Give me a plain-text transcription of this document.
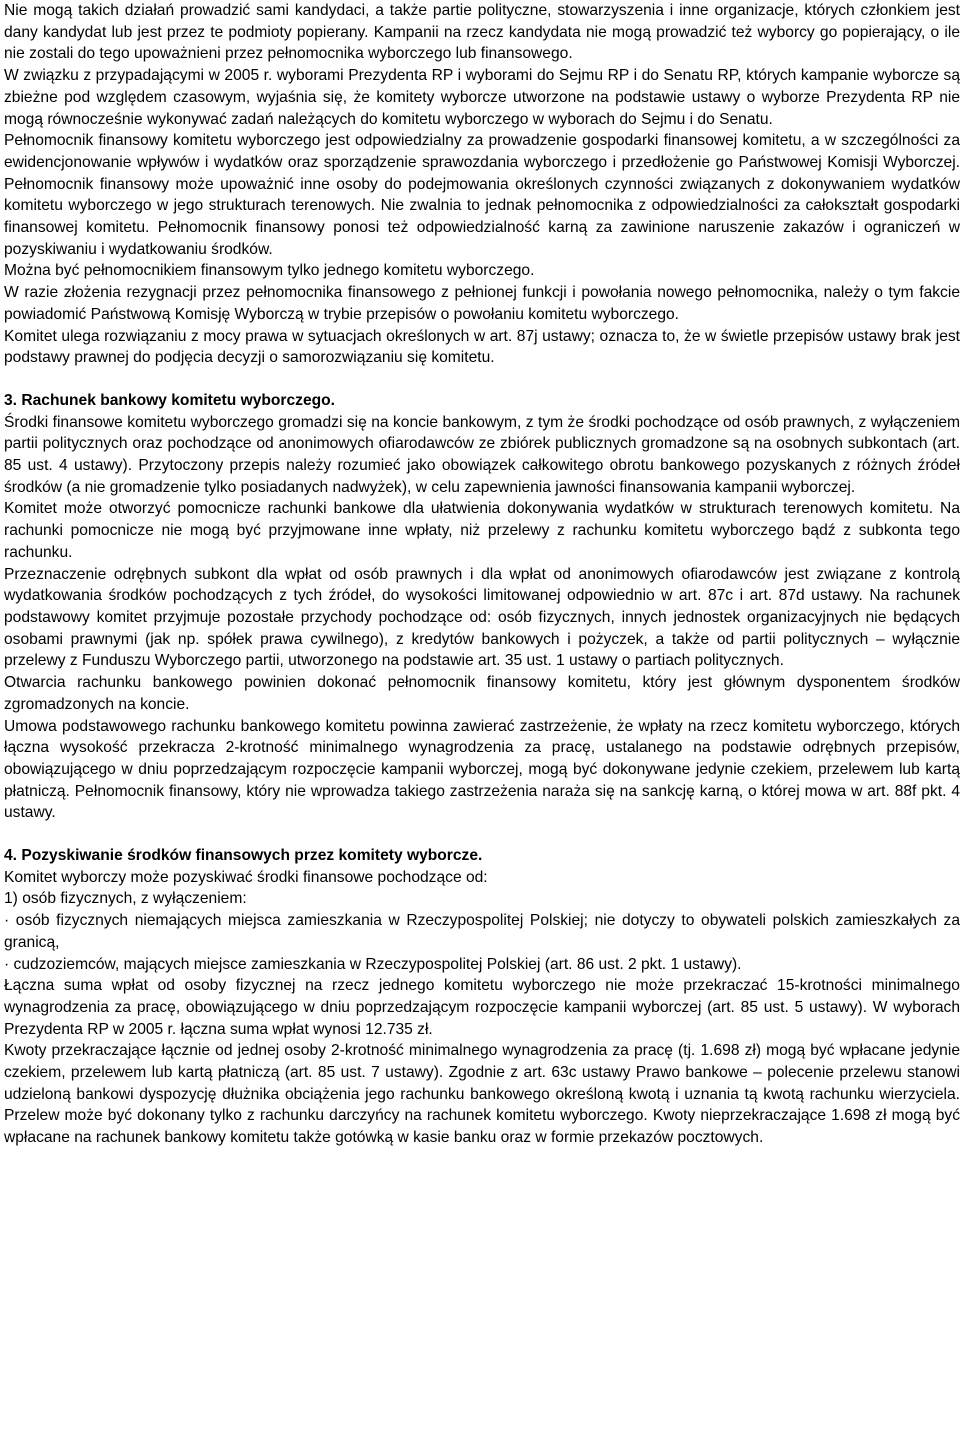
Nie mogą takich działań prowadzić sami kandydaci, a także partie polityczne, stowarzyszenia i inne organizacje, których członkiem jest dany kandydat lub jest przez te podmioty popierany. Kampanii na rzecz kandydata nie mogą prowadzić też wyborcy go popierający, o ile nie zostali do tego upoważnieni przez pełnomocnika wyborczego lub finansowego.

W związku z przypadającymi w 2005 r. wyborami Prezydenta RP i wyborami do Sejmu RP i do Senatu RP, których kampanie wyborcze są zbieżne pod względem czasowym, wyjaśnia się, że komitety wyborcze utworzone na podstawie ustawy o wyborze Prezydenta RP nie mogą równocześnie wykonywać zadań należących do komitetu wyborczego w wyborach do Sejmu i do Senatu.

Pełnomocnik finansowy komitetu wyborczego jest odpowiedzialny za prowadzenie gospodarki finansowej komitetu, a w szczególności za ewidencjonowanie wpływów i wydatków oraz sporządzenie sprawozdania wyborczego i przedłożenie go Państwowej Komisji Wyborczej. Pełnomocnik finansowy może upoważnić inne osoby do podejmowania określonych czynności związanych z dokonywaniem wydatków komitetu wyborczego w jego strukturach terenowych. Nie zwalnia to jednak pełnomocnika z odpowiedzialności za całokształt gospodarki finansowej komitetu. Pełnomocnik finansowy ponosi też odpowiedzialność karną za zawinione naruszenie zakazów i ograniczeń w pozyskiwaniu i wydatkowaniu środków.

Można być pełnomocnikiem finansowym tylko jednego komitetu wyborczego.

W razie złożenia rezygnacji przez pełnomocnika finansowego z pełnionej funkcji i powołania nowego pełnomocnika, należy o tym fakcie powiadomić Państwową Komisję Wyborczą w trybie przepisów o powołaniu komitetu wyborczego.

Komitet ulega rozwiązaniu z mocy prawa w sytuacjach określonych w art. 87j ustawy; oznacza to, że w świetle przepisów ustawy brak jest podstawy prawnej do podjęcia decyzji o samorozwiązaniu się komitetu.

3. Rachunek bankowy komitetu wyborczego.

Środki finansowe komitetu wyborczego gromadzi się na koncie bankowym, z tym że środki pochodzące od osób prawnych, z wyłączeniem partii politycznych oraz pochodzące od anonimowych ofiarodawców ze zbiórek publicznych gromadzone są na osobnych subkontach (art. 85 ust. 4 ustawy). Przytoczony przepis należy rozumieć jako obowiązek całkowitego obrotu bankowego pozyskanych z różnych źródeł środków (a nie gromadzenie tylko posiadanych nadwyżek), w celu zapewnienia jawności finansowania kampanii wyborczej.

Komitet może otworzyć pomocnicze rachunki bankowe dla ułatwienia dokonywania wydatków w strukturach terenowych komitetu. Na rachunki pomocnicze nie mogą być przyjmowane inne wpłaty, niż przelewy z rachunku komitetu wyborczego bądź z subkonta tego rachunku.

Przeznaczenie odrębnych subkont dla wpłat od osób prawnych i dla wpłat od anonimowych ofiarodawców jest związane z kontrolą wydatkowania środków pochodzących z tych źródeł, do wysokości limitowanej odpowiednio w art. 87c i art. 87d ustawy. Na rachunek podstawowy komitet przyjmuje pozostałe przychody pochodzące od: osób fizycznych, innych jednostek organizacyjnych nie będących osobami prawnymi (jak np. spółek prawa cywilnego), z kredytów bankowych i pożyczek, a także od partii politycznych – wyłącznie przelewy z Funduszu Wyborczego partii, utworzonego na podstawie art. 35 ust. 1 ustawy o partiach politycznych.

Otwarcia rachunku bankowego powinien dokonać pełnomocnik finansowy komitetu, który jest głównym dysponentem środków zgromadzonych na koncie.

Umowa podstawowego rachunku bankowego komitetu powinna zawierać zastrzeżenie, że wpłaty na rzecz komitetu wyborczego, których łączna wysokość przekracza 2-krotność minimalnego wynagrodzenia za pracę, ustalanego na podstawie odrębnych przepisów, obowiązującego w dniu poprzedzającym rozpoczęcie kampanii wyborczej, mogą być dokonywane jedynie czekiem, przelewem lub kartą płatniczą. Pełnomocnik finansowy, który nie wprowadza takiego zastrzeżenia naraża się na sankcję karną, o której mowa w art. 88f pkt. 4 ustawy.

4. Pozyskiwanie środków finansowych przez komitety wyborcze.

Komitet wyborczy może pozyskiwać środki finansowe pochodzące od:

1) osób fizycznych, z wyłączeniem:

· osób fizycznych niemających miejsca zamieszkania w Rzeczypospolitej Polskiej; nie dotyczy to obywateli polskich zamieszkałych za granicą,

· cudzoziemców, mających miejsce zamieszkania w Rzeczypospolitej Polskiej (art. 86 ust. 2 pkt. 1 ustawy).

Łączna suma wpłat od osoby fizycznej na rzecz jednego komitetu wyborczego nie może przekraczać 15-krotności minimalnego wynagrodzenia za pracę, obowiązującego w dniu poprzedzającym rozpoczęcie kampanii wyborczej (art. 85 ust. 5 ustawy). W wyborach Prezydenta RP w 2005 r. łączna suma wpłat wynosi 12.735 zł.

Kwoty przekraczające łącznie od jednej osoby 2-krotność minimalnego wynagrodzenia za pracę (tj. 1.698 zł) mogą być wpłacane jedynie czekiem, przelewem lub kartą płatniczą (art. 85 ust. 7 ustawy). Zgodnie z art. 63c ustawy Prawo bankowe – polecenie przelewu stanowi udzieloną bankowi dyspozycję dłużnika obciążenia jego rachunku bankowego określoną kwotą i uznania tą kwotą rachunku wierzyciela. Przelew może być dokonany tylko z rachunku darczyńcy na rachunek komitetu wyborczego. Kwoty nieprzekraczające 1.698 zł mogą być wpłacane na rachunek bankowy komitetu także gotówką w kasie banku oraz w formie przekazów pocztowych.
